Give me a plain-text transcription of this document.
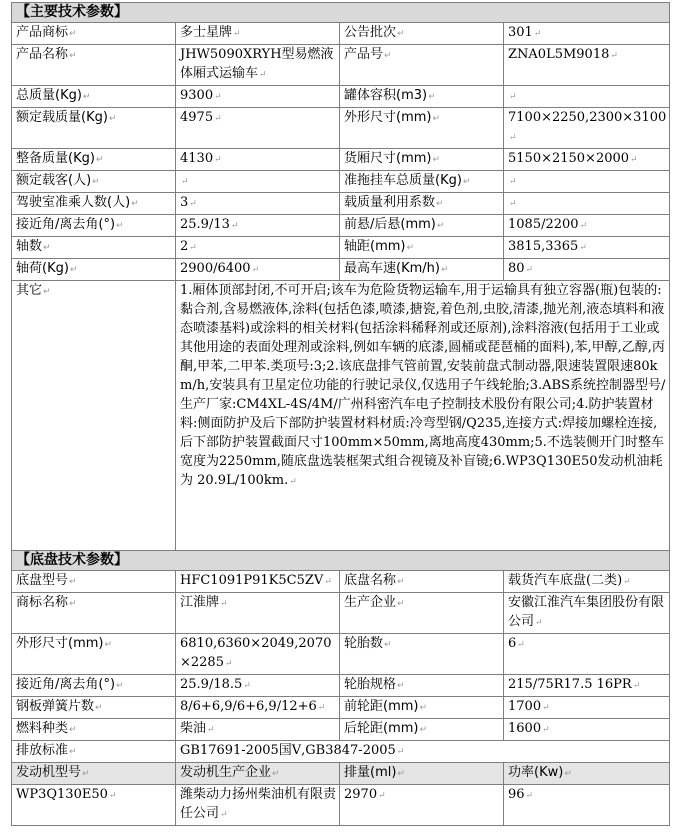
【主要技术参数】			
产品商标↵	多士星牌↵	公告批次↵	301↵
产品名称↵	JHW5090XRYH型易燃液体厢式运输车↵	产品号↵	ZNA0L5M9018↵
总质量(Kg)↵	9300↵	罐体容积(m3)↵	↵
额定载质量(Kg)↵	4975↵	外形尺寸(mm)↵	7100×2250,2300×3100↵
整备质量(Kg)↵	4130↵	货厢尺寸(mm)↵	5150×2150×2000↵
额定载客(人)↵	↵	准拖挂车总质量(Kg)↵	↵
驾驶室准乘人数(人)↵	3↵	载质量利用系数↵	↵
接近角/离去角(°)↵	25.9/13↵	前悬/后悬(mm)↵	1085/2200↵
轴数↵	2↵	轴距(mm)↵	3815,3365↵
轴荷(Kg)↵	2900/6400↵	最高车速(Km/h)↵	80↵
其它↵	1.厢体顶部封闭,不可开启;该车为危险货物运输车,用于运输具有独立容器(瓶)包装的:黏合剂,含易燃液体,涂料(包括色漆,喷漆,搪瓷,着色剂,虫胶,清漆,抛光剂,液态填料和液态喷漆基料)或涂料的相关材料(包括涂料稀释剂或还原剂),涂料溶液(包括用于工业或其他用途的表面处理剂或涂料,例如车辆的底漆,圆桶或琵琶桶的面料),苯,甲醇,乙醇,丙酮,甲苯,二甲苯.类项号:3;2.该底盘排气管前置,安装前盘式制动器,限速装置限速80km/h,安装具有卫星定位功能的行驶记录仪,仅选用子午线轮胎;3.ABS系统控制器型号/生产厂家:CM4XL-4S/4M/广州科密汽车电子控制技术股份有限公司;4.防护装置材料:侧面防护及后下部防护装置材料材质:冷弯型钢/Q235,连接方式:焊接加螺栓连接,后下部防护装置截面尺寸100mm×50mm,离地高度430mm;5.不选装侧开门时整车宽度为2250mm,随底盘选装框架式组合视镜及补盲镜;6.WP3Q130E50发动机油耗为 20.9L/100km.↵		
【底盘技术参数】			
底盘型号↵	HFC1091P91K5C5ZV↵	底盘名称↵	载货汽车底盘(二类)↵
商标名称↵	江淮牌↵	生产企业↵	安徽江淮汽车集团股份有限公司↵
外形尺寸(mm)↵	6810,6360×2049,2070×2285↵	轮胎数↵	6↵
接近角/离去角(°)↵	25.9/18.5↵	轮胎规格↵	215/75R17.5 16PR↵
钢板弹簧片数↵	8/6+6,9/6+6,9/12+6↵	前轮距(mm)↵	1700↵
燃料种类↵	柴油↵	后轮距(mm)↵	1600↵
排放标准↵	GB17691-2005国Ⅴ,GB3847-2005↵		
发动机型号↵	发动机生产企业↵	排量(ml)↵	功率(Kw)↵
WP3Q130E50↵	潍柴动力扬州柴油机有限责任公司↵	2970↵	96↵
